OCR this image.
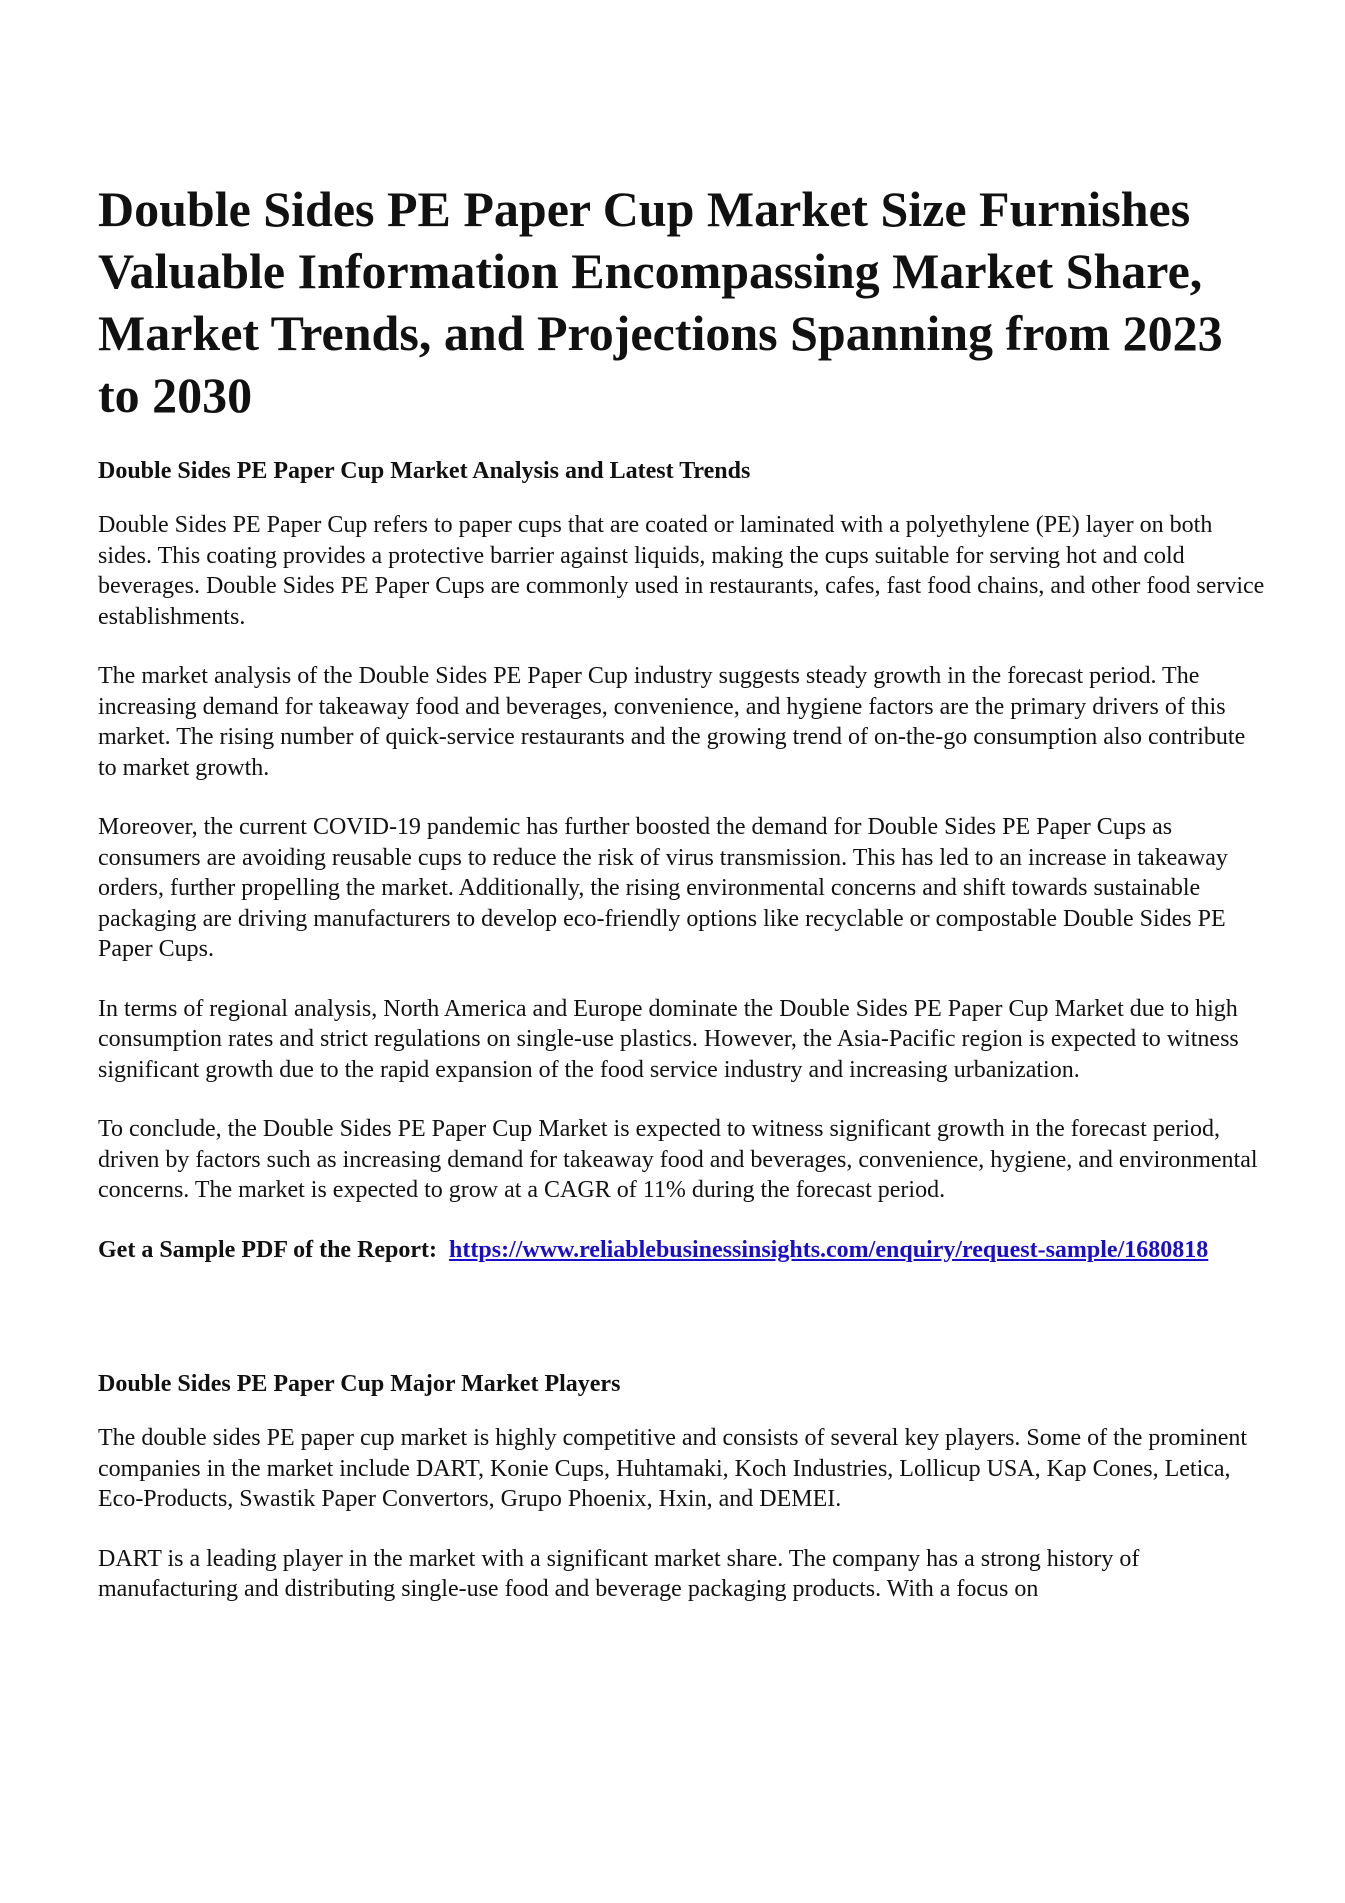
Double Sides PE Paper Cup Market Size Furnishes Valuable Information Encompassing Market Share, Market Trends, and Projections Spanning from 2023 to 2030
Double Sides PE Paper Cup Market Analysis and Latest Trends

Double Sides PE Paper Cup refers to paper cups that are coated or laminated with a polyethylene (PE) layer on both sides. This coating provides a protective barrier against liquids, making the cups suitable for serving hot and cold beverages. Double Sides PE Paper Cups are commonly used in restaurants, cafes, fast food chains, and other food service establishments.

The market analysis of the Double Sides PE Paper Cup industry suggests steady growth in the forecast period. The increasing demand for takeaway food and beverages, convenience, and hygiene factors are the primary drivers of this market. The rising number of quick-service restaurants and the growing trend of on-the-go consumption also contribute to market growth.

Moreover, the current COVID-19 pandemic has further boosted the demand for Double Sides PE Paper Cups as consumers are avoiding reusable cups to reduce the risk of virus transmission. This has led to an increase in takeaway orders, further propelling the market. Additionally, the rising environmental concerns and shift towards sustainable packaging are driving manufacturers to develop eco-friendly options like recyclable or compostable Double Sides PE Paper Cups.

In terms of regional analysis, North America and Europe dominate the Double Sides PE Paper Cup Market due to high consumption rates and strict regulations on single-use plastics. However, the Asia-Pacific region is expected to witness significant growth due to the rapid expansion of the food service industry and increasing urbanization.

To conclude, the Double Sides PE Paper Cup Market is expected to witness significant growth in the forecast period, driven by factors such as increasing demand for takeaway food and beverages, convenience, hygiene, and environmental concerns. The market is expected to grow at a CAGR of 11% during the forecast period.

Get a Sample PDF of the Report: https://www.reliablebusinessinsights.com/enquiry/request-sample/1680818

Double Sides PE Paper Cup Major Market Players

The double sides PE paper cup market is highly competitive and consists of several key players. Some of the prominent companies in the market include DART, Konie Cups, Huhtamaki, Koch Industries, Lollicup USA, Kap Cones, Letica, Eco-Products, Swastik Paper Convertors, Grupo Phoenix, Hxin, and DEMEI.

DART is a leading player in the market with a significant market share. The company has a strong history of manufacturing and distributing single-use food and beverage packaging products. With a focus on
